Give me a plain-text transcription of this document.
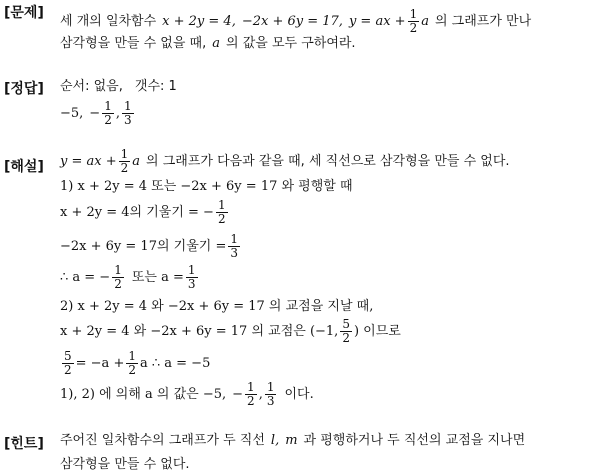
[문제]
세 개의 일차함수 x + 2y = 4, −2x + 6y = 17, y = ax + $\frac{1}{2}$ a 의 그래프가 만나
삼각형을 만들 수 없을 때, a 의 값을 모두 구하여라.
[정답] 순서: 없음, 갯수: 1
−5, − $\frac{1}{2}$ , $\frac{1}{3}$
[해설] y = ax + $\frac{1}{2}$ a 의 그래프가 다음과 같을 때, 세 직선으로 삼각형을 만들 수 없다.
1) x + 2y = 4 또는 −2x + 6y = 17 와 평행할 때
x + 2y = 4의 기울기 = − $\frac{1}{2}$
−2x + 6y = 17의 기울기 = $\frac{1}{3}$
∴ a = − $\frac{1}{2}$ 또는 $a = \frac{1}{3}$
2) x + 2y = 4 와 −2x + 6y = 17 의 교점을 지날 때,
x + 2y = 4 와 −2x + 6y = 17 의 교점은 (−1, $\frac{5}{2}$ ) 이므로
$\frac{5}{2} = -a + \frac{1}{2}$ a ∴ a = −5
1), 2) 에 의해 a 의 값은 −5, − $\frac{1}{2}$ , $\frac{1}{3}$ 이다.
[힌트] 주어진 일차함수의 그래프가 두 직선 l, m 과 평행하거나 두 직선의 교점을 지나면
삼각형을 만들 수 없다.
